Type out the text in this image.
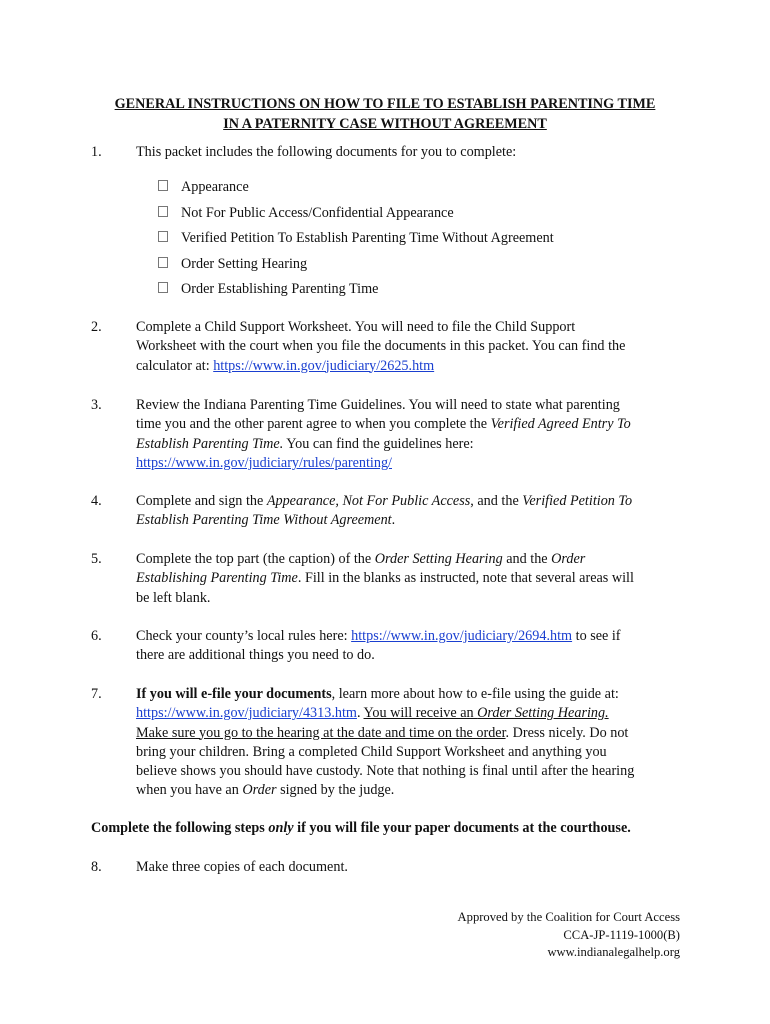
GENERAL INSTRUCTIONS ON HOW TO FILE TO ESTABLISH PARENTING TIME
IN A PATERNITY CASE WITHOUT AGREEMENT
1. This packet includes the following documents for you to complete:
Appearance
Not For Public Access/Confidential Appearance
Verified Petition To Establish Parenting Time Without Agreement
Order Setting Hearing
Order Establishing Parenting Time
2. Complete a Child Support Worksheet. You will need to file the Child Support
Worksheet with the court when you file the documents in this packet. You can find the
calculator at: https://www.in.gov/judiciary/2625.htm
3. Review the Indiana Parenting Time Guidelines. You will need to state what parenting
time you and the other parent agree to when you complete the Verified Agreed Entry To
Establish Parenting Time. You can find the guidelines here:
https://www.in.gov/judiciary/rules/parenting/
4. Complete and sign the Appearance, Not For Public Access, and the Verified Petition To
Establish Parenting Time Without Agreement.
5. Complete the top part (the caption) of the Order Setting Hearing and the Order
Establishing Parenting Time. Fill in the blanks as instructed, note that several areas will
be left blank.
6. Check your county’s local rules here: https://www.in.gov/judiciary/2694.htm to see if
there are additional things you need to do.
7. If you will e-file your documents, learn more about how to e-file using the guide at:
https://www.in.gov/judiciary/4313.htm. You will receive an Order Setting Hearing.
Make sure you go to the hearing at the date and time on the order. Dress nicely. Do not
bring your children. Bring a completed Child Support Worksheet and anything you
believe shows you should have custody. Note that nothing is final until after the hearing
when you have an Order signed by the judge.
Complete the following steps only if you will file your paper documents at the courthouse.
8. Make three copies of each document.
Approved by the Coalition for Court Access
CCA-JP-1119-1000(B)
www.indianalegalhelp.org
